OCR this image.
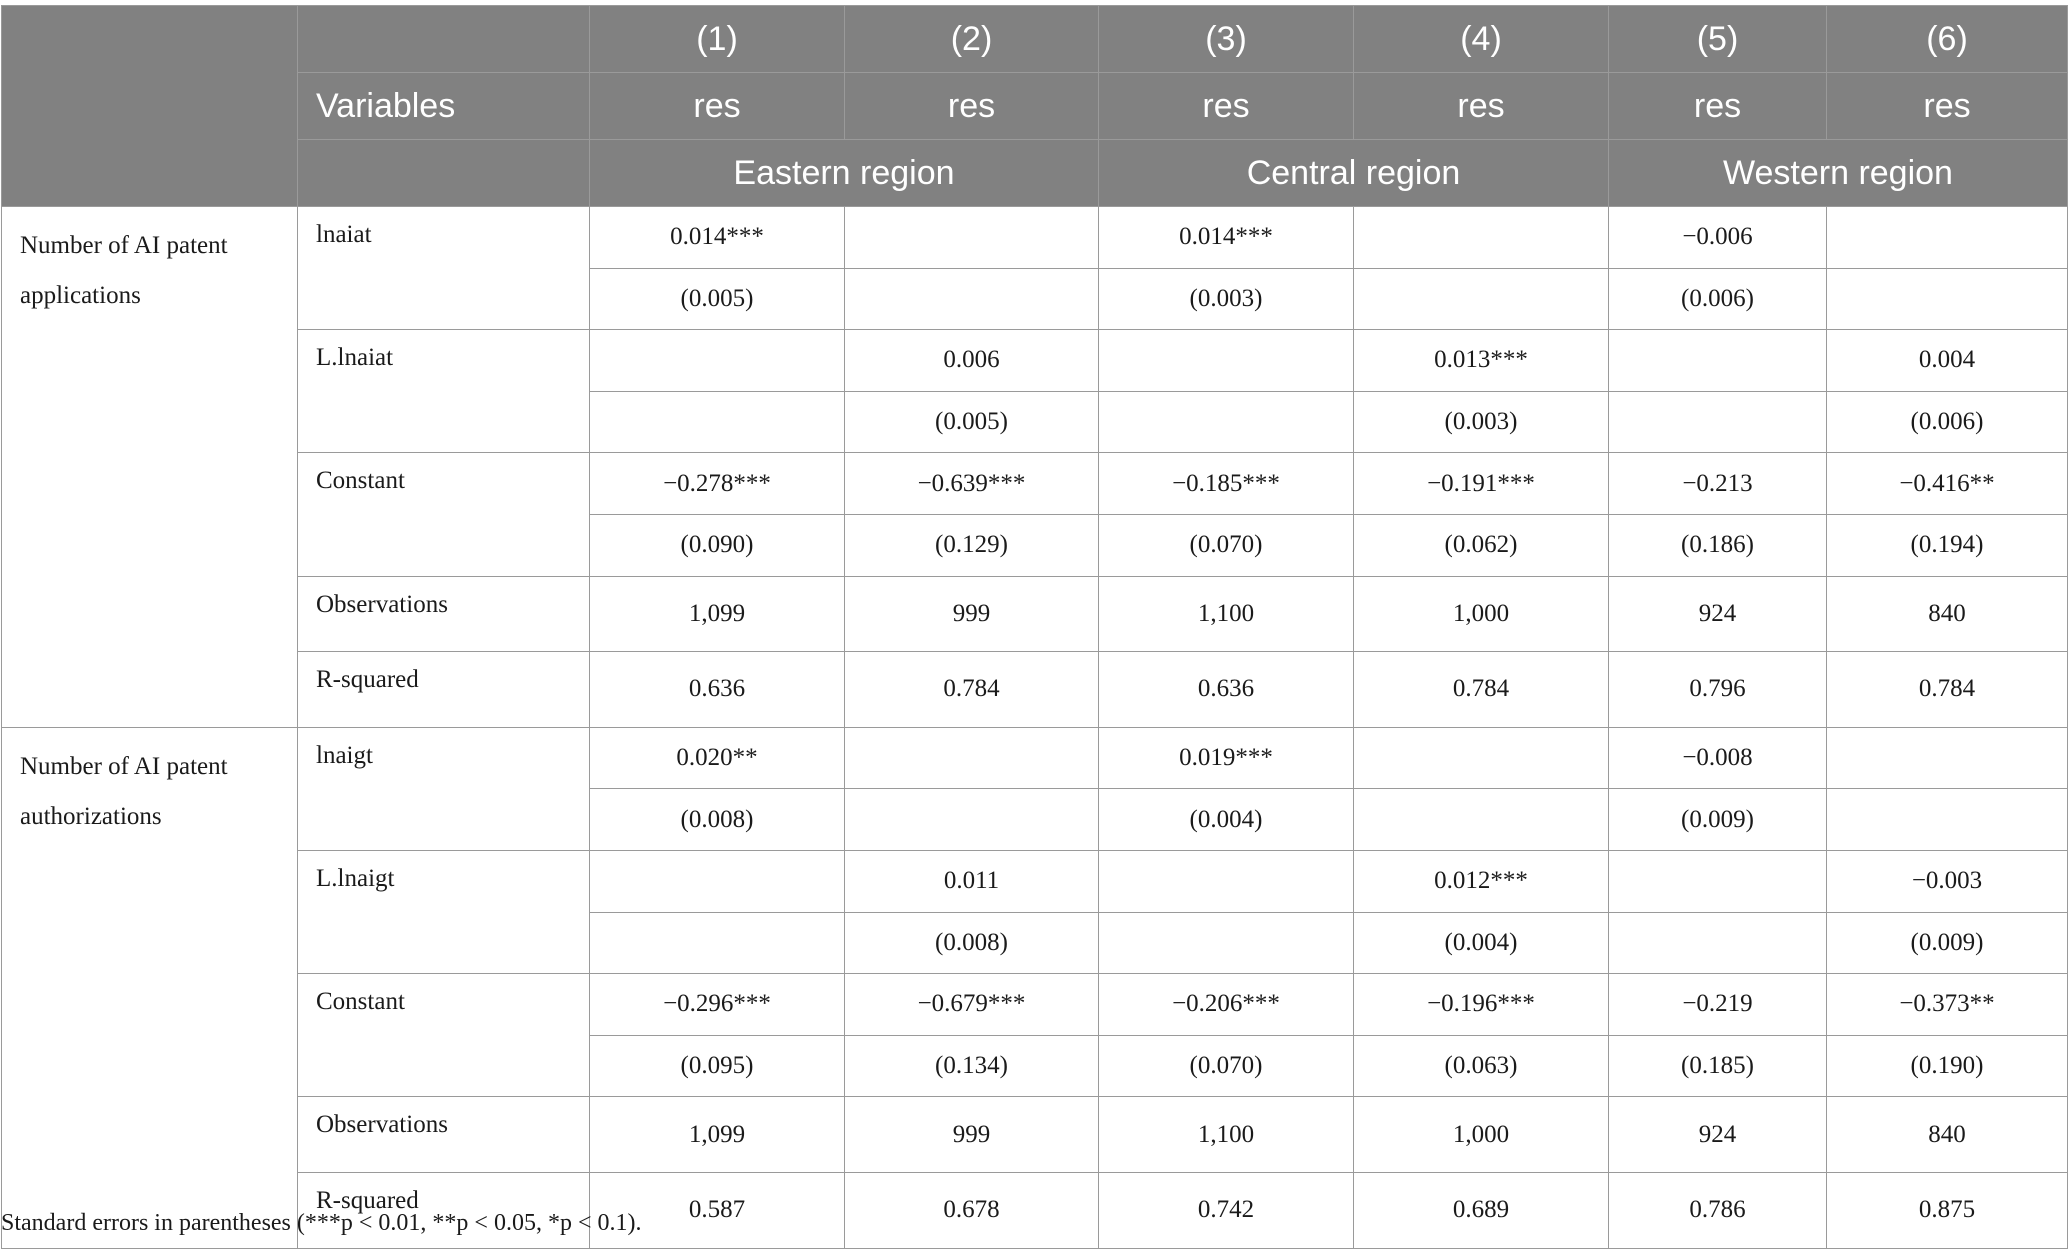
		(1)	(2)	(3)	(4)	(5)	(6)
	Variables	res	res	res	res	res	res
		Eastern region		Central region		Western region	
Number of AI patent applications	lnaiat	0.014***		0.014***		−0.006	
		(0.005)		(0.003)		(0.006)	
	L.lnaiat		0.006		0.013***		0.004
			(0.005)		(0.003)		(0.006)
	Constant	−0.278***	−0.639***	−0.185***	−0.191***	−0.213	−0.416**
		(0.090)	(0.129)	(0.070)	(0.062)	(0.186)	(0.194)
	Observations	1,099	999	1,100	1,000	924	840
	R-squared	0.636	0.784	0.636	0.784	0.796	0.784
Number of AI patent authorizations	lnaigt	0.020**		0.019***		−0.008	
		(0.008)		(0.004)		(0.009)	
	L.lnaigt		0.011		0.012***		−0.003
			(0.008)		(0.004)		(0.009)
	Constant	−0.296***	−0.679***	−0.206***	−0.196***	−0.219	−0.373**
		(0.095)	(0.134)	(0.070)	(0.063)	(0.185)	(0.190)
	Observations	1,099	999	1,100	1,000	924	840
	R-squared	0.587	0.678	0.742	0.689	0.786	0.875
Standard errors in parentheses (***p < 0.01, **p < 0.05, *p < 0.1).
